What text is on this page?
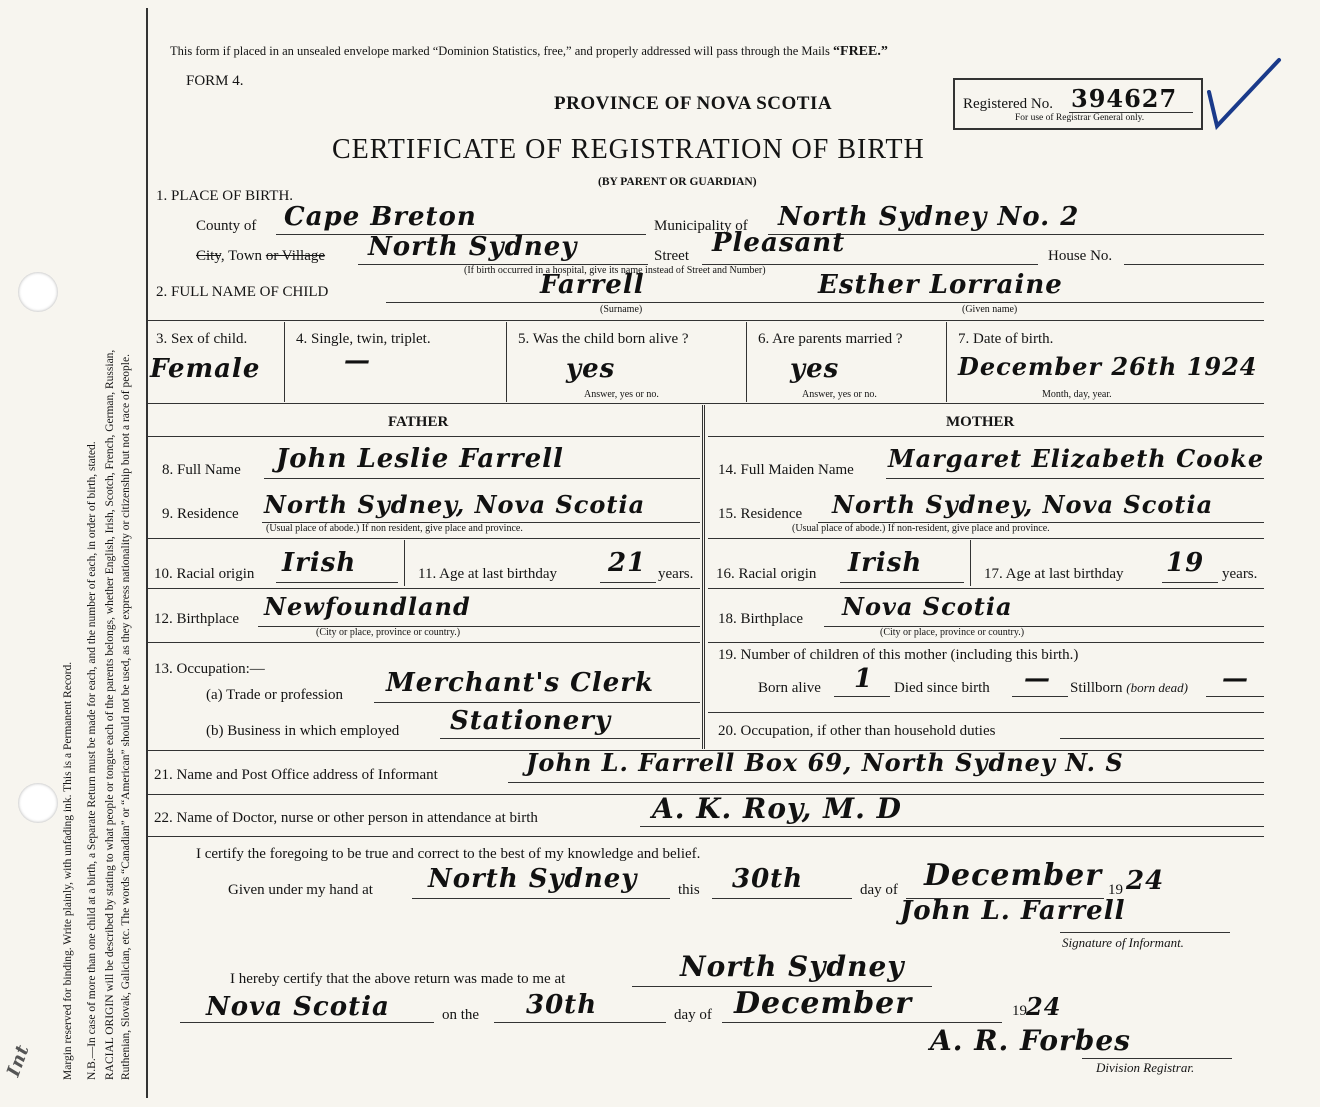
Margin reserved for binding. Write plainly, with unfading ink. This is a Permanent Record. N.B.—In case of more than one child at a birth, a Separate Return must be made for each, and the number of each, in order of birth, stated. RACIAL ORIGIN will be described by stating to what people or tongue each of the parents belongs, whether English, Irish, Scotch, French, German, Russian, Ruthenian, Slovak, Galician, etc. The words “Canadian” or “American” should not be used, as they express nationality or citizenship but not a race of people.
Int
This form if placed in an unsealed envelope marked “Dominion Statistics, free,” and properly addressed will pass through the Mails “FREE.”
FORM 4.
PROVINCE OF NOVA SCOTIA	Registered No. 394627
For use of Registrar General only.
CERTIFICATE OF REGISTRATION OF BIRTH
(BY PARENT OR GUARDIAN)
1. PLACE OF BIRTH.
County of Cape Breton	Municipality of North Sydney No. 2
City, Town or Village North Sydney	Street Pleasant	House No.
(If birth occurred in a hospital, give its name instead of Street and Number)
2. FULL NAME OF CHILD	Farrell	Esther Lorraine
(Surname)	(Given name)
3. Sex of child.
Female
4. Single, twin, triplet.
—
5. Was the child born alive ?
yes
Answer, yes or no.
6. Are parents married ?
yes
Answer, yes or no.
7. Date of birth.
December 26th 1924
Month, day, year.
FATHER	MOTHER
8. Full Name John Leslie Farrell	14. Full Maiden Name Margaret Elizabeth Cooke
9. Residence North Sydney, Nova Scotia
(Usual place of abode.) If non resident, give place and province.
15. Residence North Sydney, Nova Scotia
(Usual place of abode.) If non-resident, give place and province.
10. Racial origin Irish	11. Age at last birthday 21 years. 16. Racial origin Irish	17. Age at last birthday 19 years.
12. Birthplace Newfoundland
(City or place, province or country.)
18. Birthplace Nova Scotia
(City or place, province or country.)
13. Occupation:—
(a) Trade or profession Merchant's Clerk
(b) Business in which employed Stationery
19. Number of children of this mother (including this birth.)
Born alive 1 Died since birth — Stillborn (born dead) —
20. Occupation, if other than household duties
21. Name and Post Office address of Informant	John L. Farrell Box 69, North Sydney N. S
22. Name of Doctor, nurse or other person in attendance at birth	A. K. Roy, M. D
I certify the foregoing to be true and correct to the best of my knowledge and belief.
Given under my hand at North Sydney	this 30th	day of December 19 24
John L. Farrell
Signature of Informant.
I hereby certify that the above return was made to me at	North Sydney
Nova Scotia	on the 30th	day of December	19 24
A. R. Forbes
Division Registrar.
